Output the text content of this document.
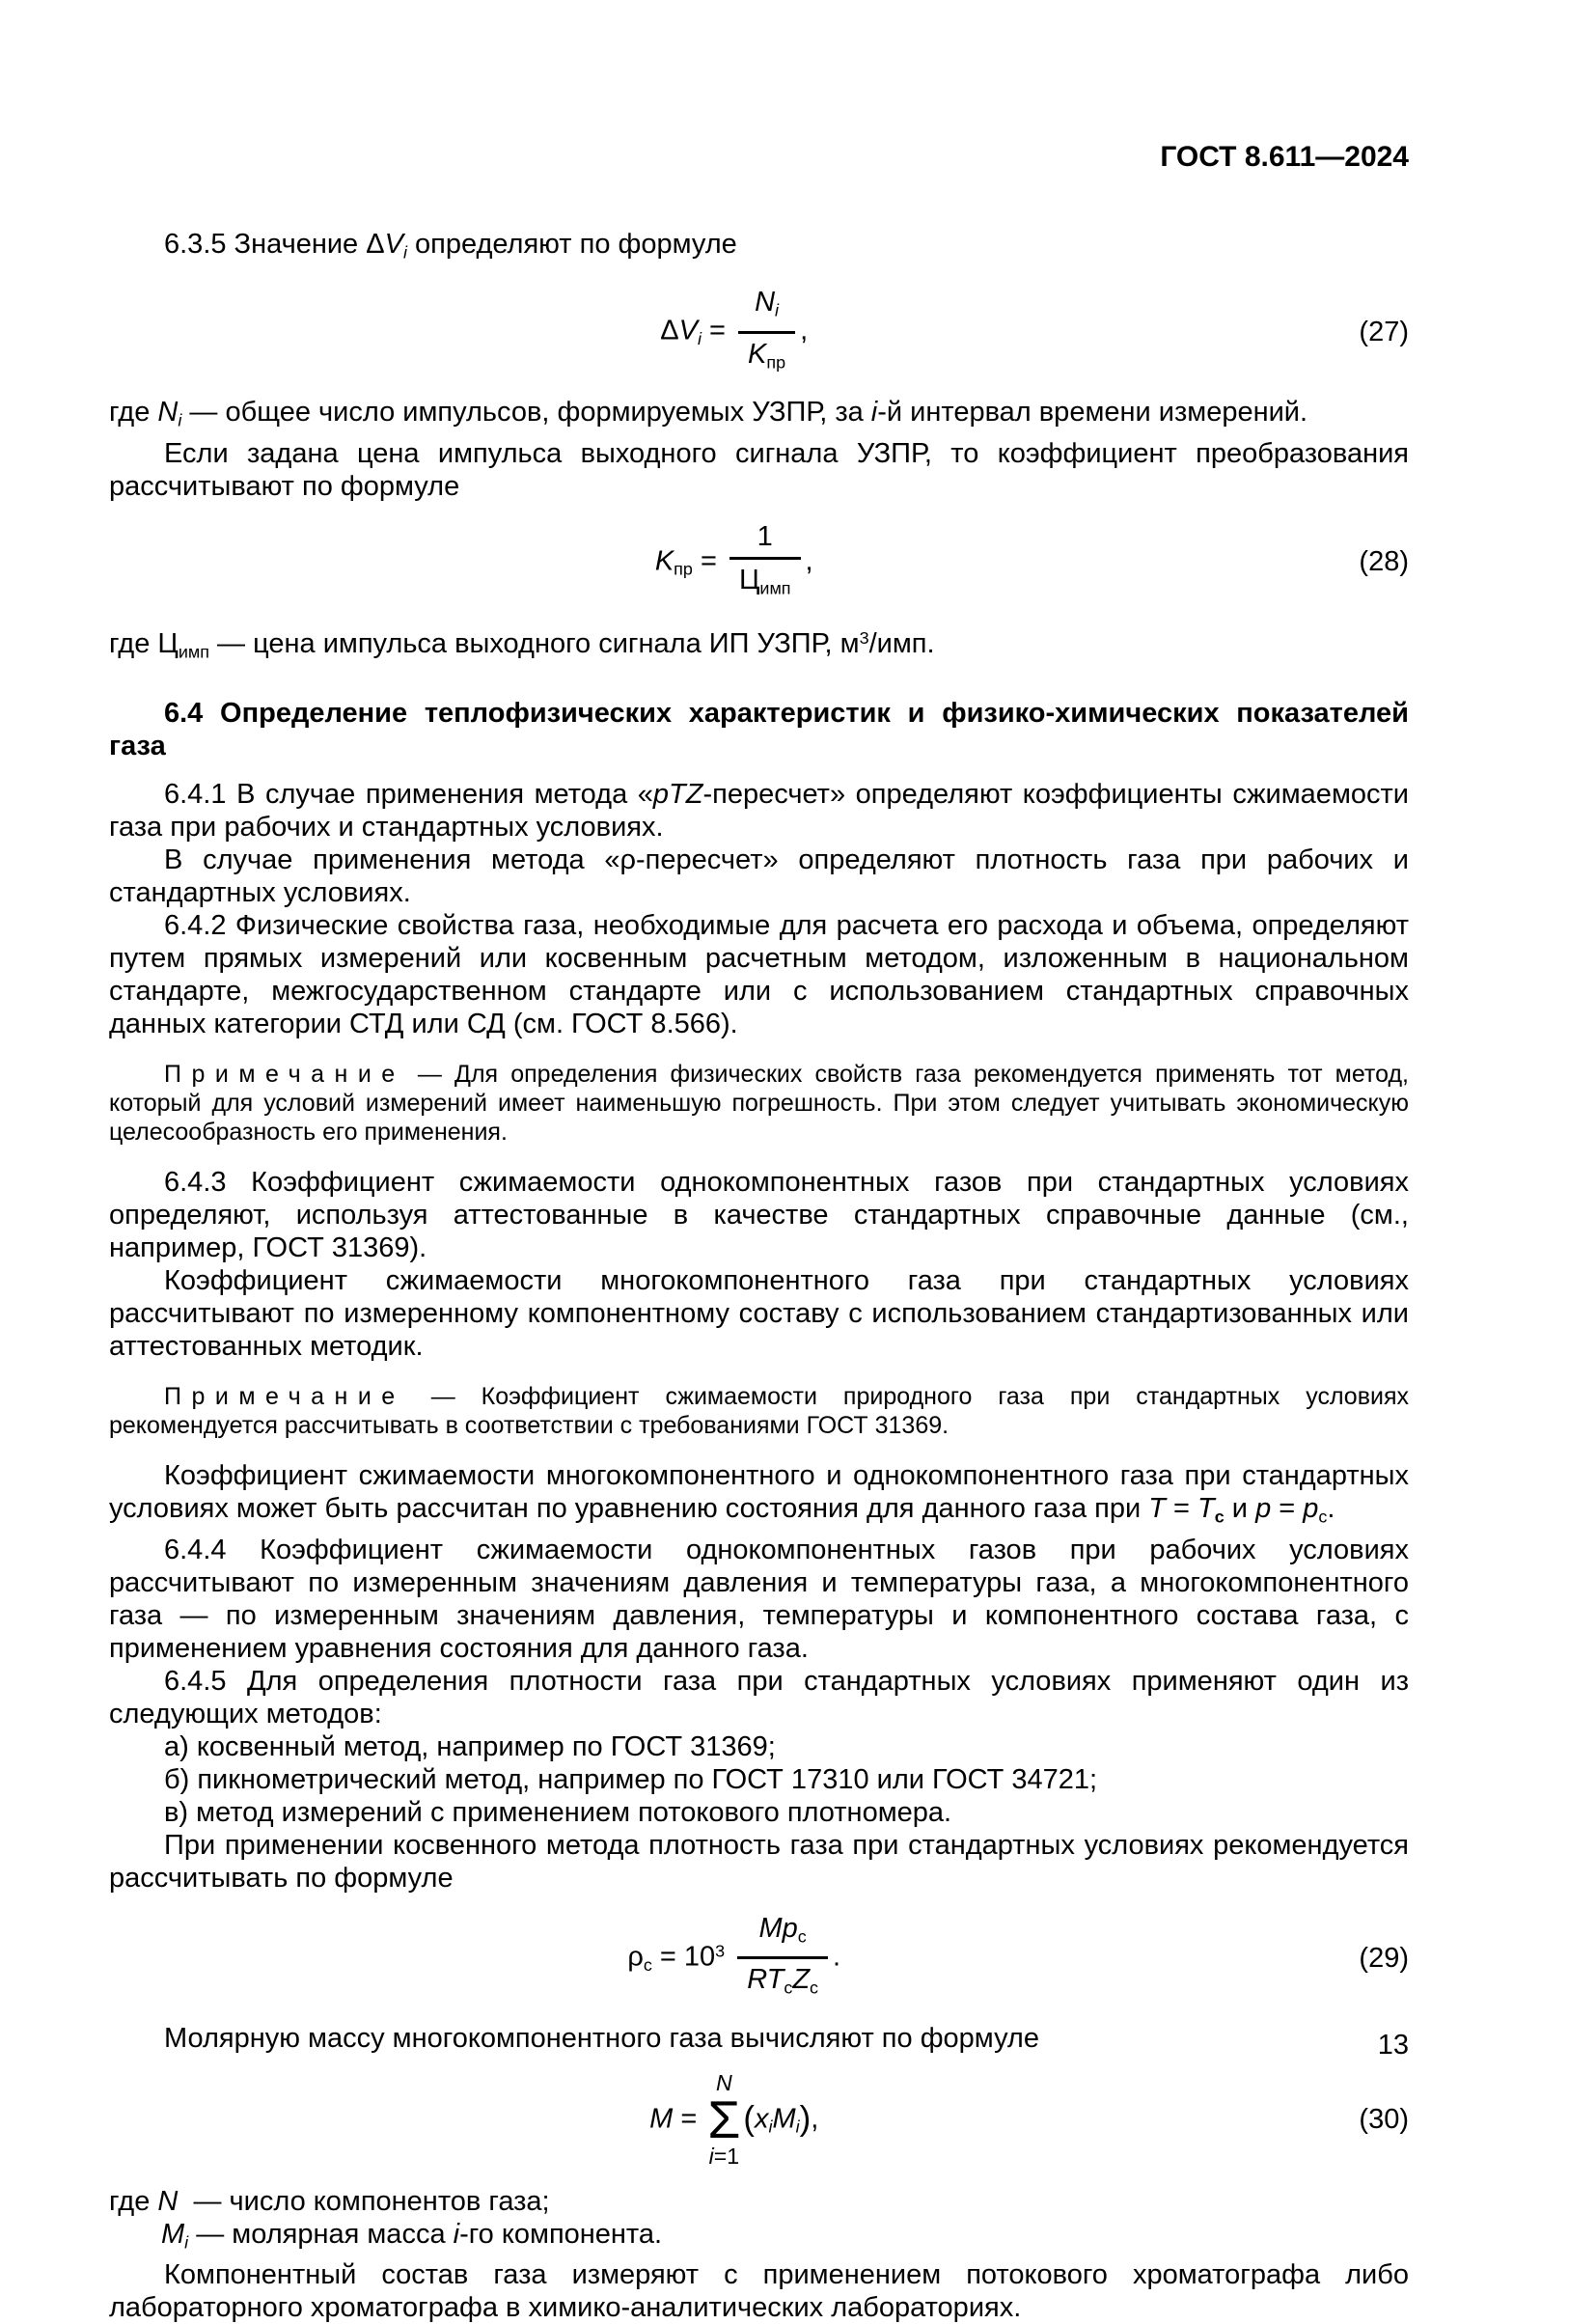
ГОСТ 8.611—2024
6.3.5 Значение $\Delta V_i$ определяют по формуле
$\Delta V_i = \frac{N_i}{K_{пр}}$ ,	(27)
где $N_i$ — общее число импульсов, формируемых УЗПР, за i-й интервал времени измерений.
Если задана цена импульса выходного сигнала УЗПР, то коэффициент преобразования рассчитывают по формуле
$K_{пр} = \frac{1}{Ц_{имп}}$ ,	(28)
где $Ц_{имп}$ — цена импульса выходного сигнала ИП УЗПР, $м^3$/имп.
6.4 Определение теплофизических характеристик и физико-химических показателей газа
6.4.1 В случае применения метода «pTZ-пересчет» определяют коэффициенты сжимаемости газа при рабочих и стандартных условиях.
В случае применения метода «ρ-пересчет» определяют плотность газа при рабочих и стандартных условиях.
6.4.2 Физические свойства газа, необходимые для расчета его расхода и объема, определяют путем прямых измерений или косвенным расчетным методом, изложенным в национальном стандарте, межгосударственном стандарте или с использованием стандартных справочных данных категории СТД или СД (см. ГОСТ 8.566).
Примечание — Для определения физических свойств газа рекомендуется применять тот метод, который для условий измерений имеет наименьшую погрешность. При этом следует учитывать экономическую целесообразность его применения.
6.4.3 Коэффициент сжимаемости однокомпонентных газов при стандартных условиях определяют, используя аттестованные в качестве стандартных справочные данные (см., например, ГОСТ 31369).
Коэффициент сжимаемости многокомпонентного газа при стандартных условиях рассчитывают по измеренному компонентному составу с использованием стандартизованных или аттестованных методик.
Примечание — Коэффициент сжимаемости природного газа при стандартных условиях рекомендуется рассчитывать в соответствии с требованиями ГОСТ 31369.
Коэффициент сжимаемости многокомпонентного и однокомпонентного газа при стандартных условиях может быть рассчитан по уравнению состояния для данного газа при $T = T_с$ и $p = p_с$.
6.4.4 Коэффициент сжимаемости однокомпонентных газов при рабочих условиях рассчитывают по измеренным значениям давления и температуры газа, а многокомпонентного газа — по измеренным значениям давления, температуры и компонентного состава газа, с применением уравнения состояния для данного газа.
6.4.5 Для определения плотности газа при стандартных условиях применяют один из следующих методов:
а) косвенный метод, например по ГОСТ 31369;
б) пикнометрический метод, например по ГОСТ 17310 или ГОСТ 34721;
в) метод измерений с применением потокового плотномера.
При применении косвенного метода плотность газа при стандартных условиях рекомендуется рассчитывать по формуле
$\rho_с = 10^3 \frac{Mp_с}{RT_сZ_с}$ .	(29)
Молярную массу многокомпонентного газа вычисляют по формуле
M =
N
Σ
i=1
$(x_iM_i)$,	(30)
где N  — число компонентов газа;
$M_i$ — молярная масса i-го компонента.
Компонентный состав газа измеряют с применением потокового хроматографа либо лабораторного хроматографа в химико-аналитических лабораториях.
13
